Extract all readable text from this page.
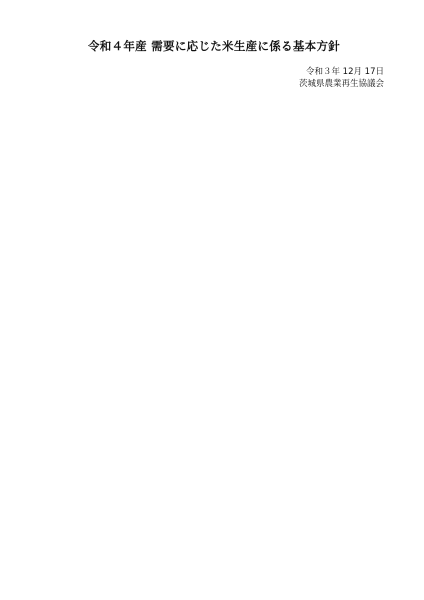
令和４年産 需要に応じた米生産に係る基本方針
令和３年 12月 17日
茨城県農業再生協議会
